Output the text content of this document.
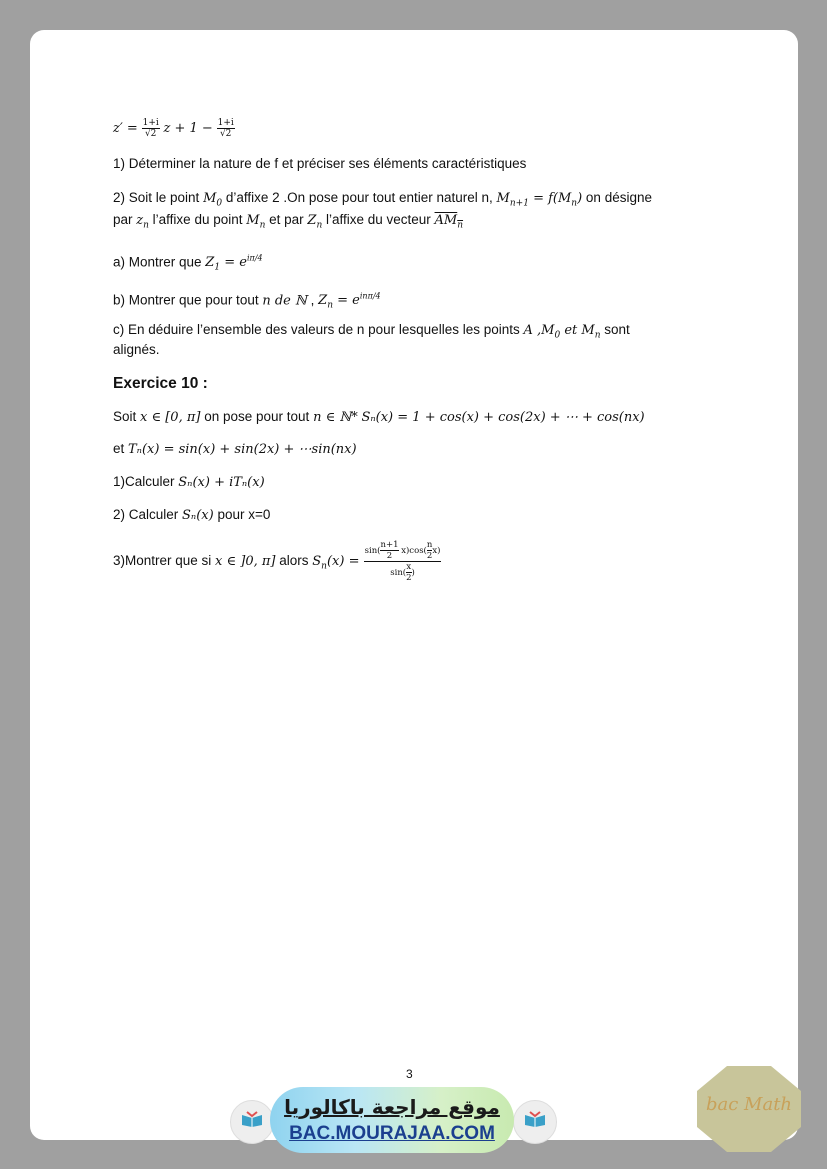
$z' = \frac{1+i}{√2}$ $z + 1 - \frac{1+i}{√2}$
1) Déterminer la nature de f et préciser ses éléments caractéristiques
2) Soit le point $M_0$ d’affixe 2 .On pose pour tout entier naturel n, $M_{n+1} = f(M_n)$ on désigne
par $z_n$ l’affixe du point $M_n$ et par $Z_n$ l’affixe du vecteur $AM_n$
a) Montrer que $Z_1 = e^{i\pi/4}$
b) Montrer que pour tout n de ℕ , $Z_n = e^{in\pi/4}$
c) En déduire l’ensemble des valeurs de n pour lesquelles les points A $,M_0$ et $M_n$ sont
alignés.
Exercice 10 :
Soit x ∈ [0, π] on pose pour tout n ∈ ℕ* Sₙ(x) = 1 + cos(x) + cos(2x) + ⋯ + cos(nx)
et Tₙ(x) = sin(x) + sin(2x) + ⋯sin(nx)
1)Calculer Sₙ(x) + iTₙ(x)
2) Calculer Sₙ(x) pour x=0
3)Montrer que si x ∈ ]0, π] alors $S_n(x) = \frac{\sin( \frac{n+1}{2} x)\cos( \frac{n}{2} x)}{\sin( \frac{x}{2} )}$
3
موقع مراجعة باكالوريا
BAC.MOURAJAA.COM
bac Math
